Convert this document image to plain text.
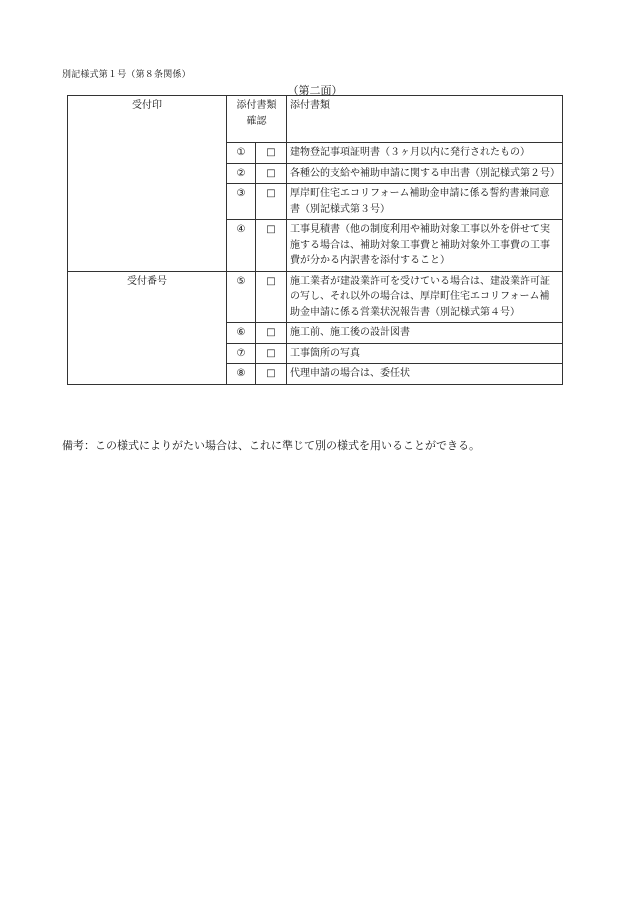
別記様式第１号（第８条関係）
（第二面）
受付印	添付書類確認		添付書類
	①	□	建物登記事項証明書（３ヶ月以内に発行されたもの）
	②	□	各種公的支給や補助申請に関する申出書（別記様式第２号）
	③	□	厚岸町住宅エコリフォーム補助金申請に係る誓約書兼同意書（別記様式第３号）
	④	□	工事見積書（他の制度利用や補助対象工事以外を併せて実施する場合は、補助対象工事費と補助対象外工事費の工事費が分かる内訳書を添付すること）

受付番号	⑤	□	施工業者が建設業許可を受けている場合は、建設業許可証の写し、それ以外の場合は、厚岸町住宅エコリフォーム補助金申請に係る営業状況報告書（別記様式第４号）
	⑥	□	施工前、施工後の設計図書
	⑦	□	工事箇所の写真
	⑧	□	代理申請の場合は、委任状
備考：この様式によりがたい場合は、これに準じて別の様式を用いることができる。
